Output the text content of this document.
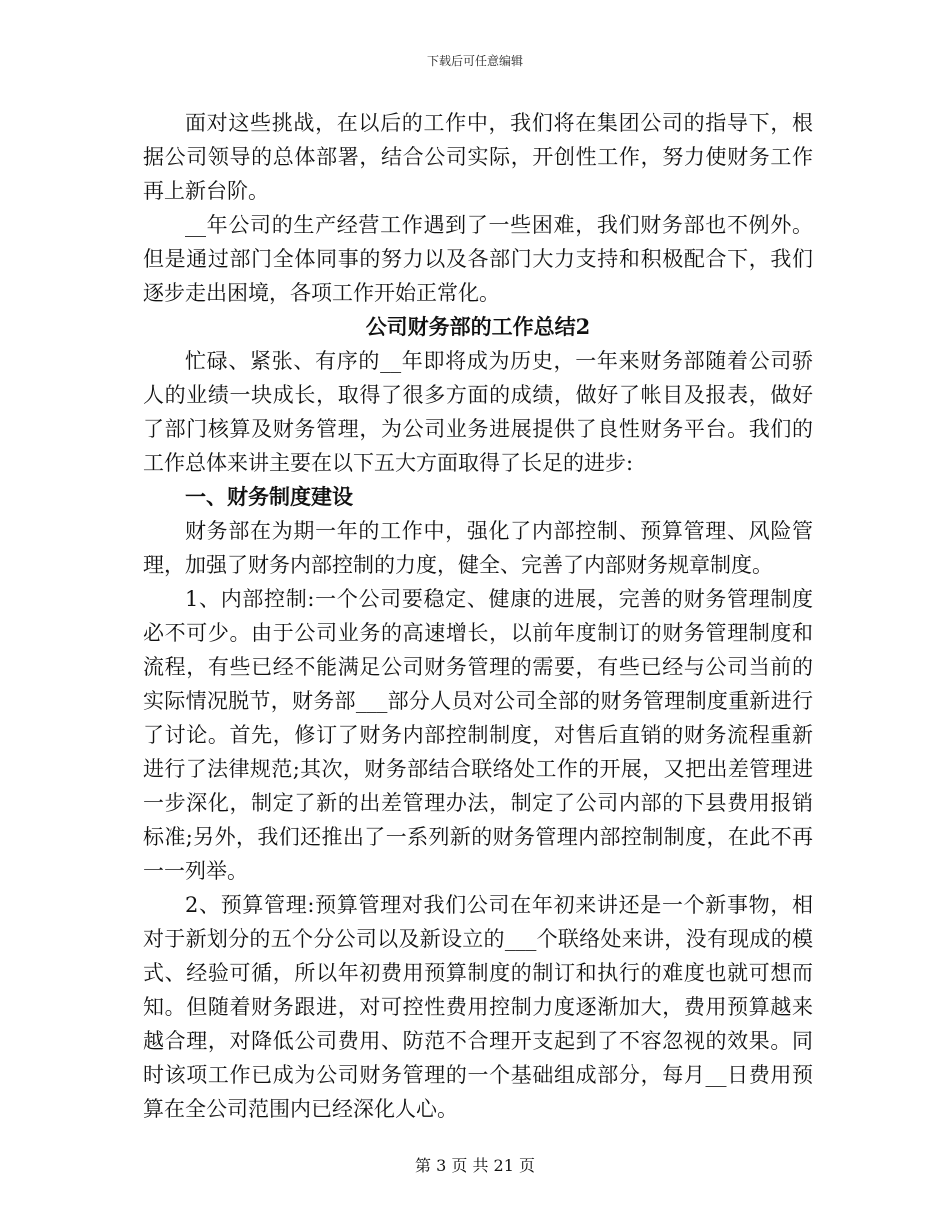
下载后可任意编辑

面对这些挑战，在以后的工作中，我们将在集团公司的指导下，根据公司领导的总体部署，结合公司实际，开创性工作，努力使财务工作再上新台阶。

__年公司的生产经营工作遇到了一些困难，我们财务部也不例外。但是通过部门全体同事的努力以及各部门大力支持和积极配合下，我们逐步走出困境，各项工作开始正常化。

公司财务部的工作总结2

忙碌、紧张、有序的__年即将成为历史，一年来财务部随着公司骄人的业绩一块成长，取得了很多方面的成绩，做好了帐目及报表，做好了部门核算及财务管理，为公司业务进展提供了良性财务平台。我们的工作总体来讲主要在以下五大方面取得了长足的进步:

一、财务制度建设

财务部在为期一年的工作中，强化了内部控制、预算管理、风险管理，加强了财务内部控制的力度，健全、完善了内部财务规章制度。

1、内部控制:一个公司要稳定、健康的进展，完善的财务管理制度必不可少。由于公司业务的高速增长，以前年度制订的财务管理制度和流程，有些已经不能满足公司财务管理的需要，有些已经与公司当前的实际情况脱节，财务部___部分人员对公司全部的财务管理制度重新进行了讨论。首先，修订了财务内部控制制度，对售后直销的财务流程重新进行了法律规范;其次，财务部结合联络处工作的开展，又把出差管理进一步深化，制定了新的出差管理办法，制定了公司内部的下县费用报销标准;另外，我们还推出了一系列新的财务管理内部控制制度，在此不再一一列举。

2、预算管理:预算管理对我们公司在年初来讲还是一个新事物，相对于新划分的五个分公司以及新设立的___个联络处来讲，没有现成的模式、经验可循，所以年初费用预算制度的制订和执行的难度也就可想而知。但随着财务跟进，对可控性费用控制力度逐渐加大，费用预算越来越合理，对降低公司费用、防范不合理开支起到了不容忽视的效果。同时该项工作已成为公司财务管理的一个基础组成部分，每月__日费用预算在全公司范围内已经深化人心。

第 3 页 共 21 页
